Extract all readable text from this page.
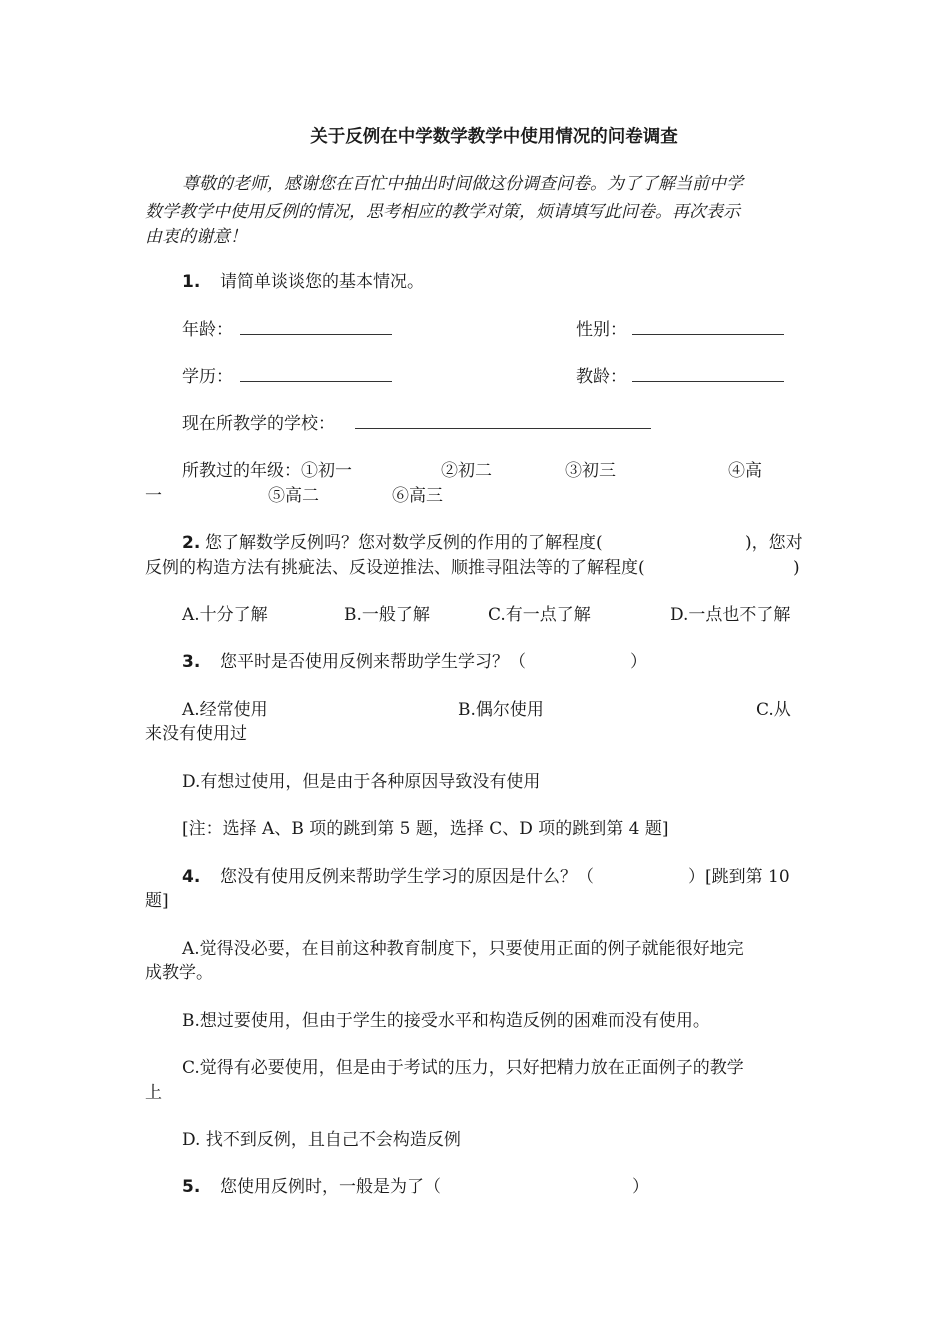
关于反例在中学数学教学中使用情况的问卷调查
尊敬的老师，感谢您在百忙中抽出时间做这份调查问卷。为了了解当前中学
数学教学中使用反例的情况，思考相应的教学对策，烦请填写此问卷。再次表示
由衷的谢意！
1. 请简单谈谈您的基本情况。
年龄：	性别：
学历：	教龄：
现在所教学的学校：
所教过的年级：①初一	②初二	③初三	④高
一	⑤高二	⑥高三
2. 您了解数学反例吗？您对数学反例的作用的了解程度(	)，您对
反例的构造方法有挑疵法、反设逆推法、顺推寻阻法等的了解程度(	)
A.十分了解	B.一般了解	C.有一点了解	D.一点也不了解
3. 您平时是否使用反例来帮助学生学习？（	）
A.经常使用	B.偶尔使用	C.从
来没有使用过
D.有想过使用，但是由于各种原因导致没有使用
[注：选择 A、B 项的跳到第 5 题，选择 C、D 项的跳到第 4 题]
4. 您没有使用反例来帮助学生学习的原因是什么？（	）[跳到第 10
题]
A.觉得没必要，在目前这种教育制度下，只要使用正面的例子就能很好地完
成教学。
B.想过要使用，但由于学生的接受水平和构造反例的困难而没有使用。
C.觉得有必要使用，但是由于考试的压力，只好把精力放在正面例子的教学
上
D. 找不到反例，且自己不会构造反例
5. 您使用反例时，一般是为了（	）
